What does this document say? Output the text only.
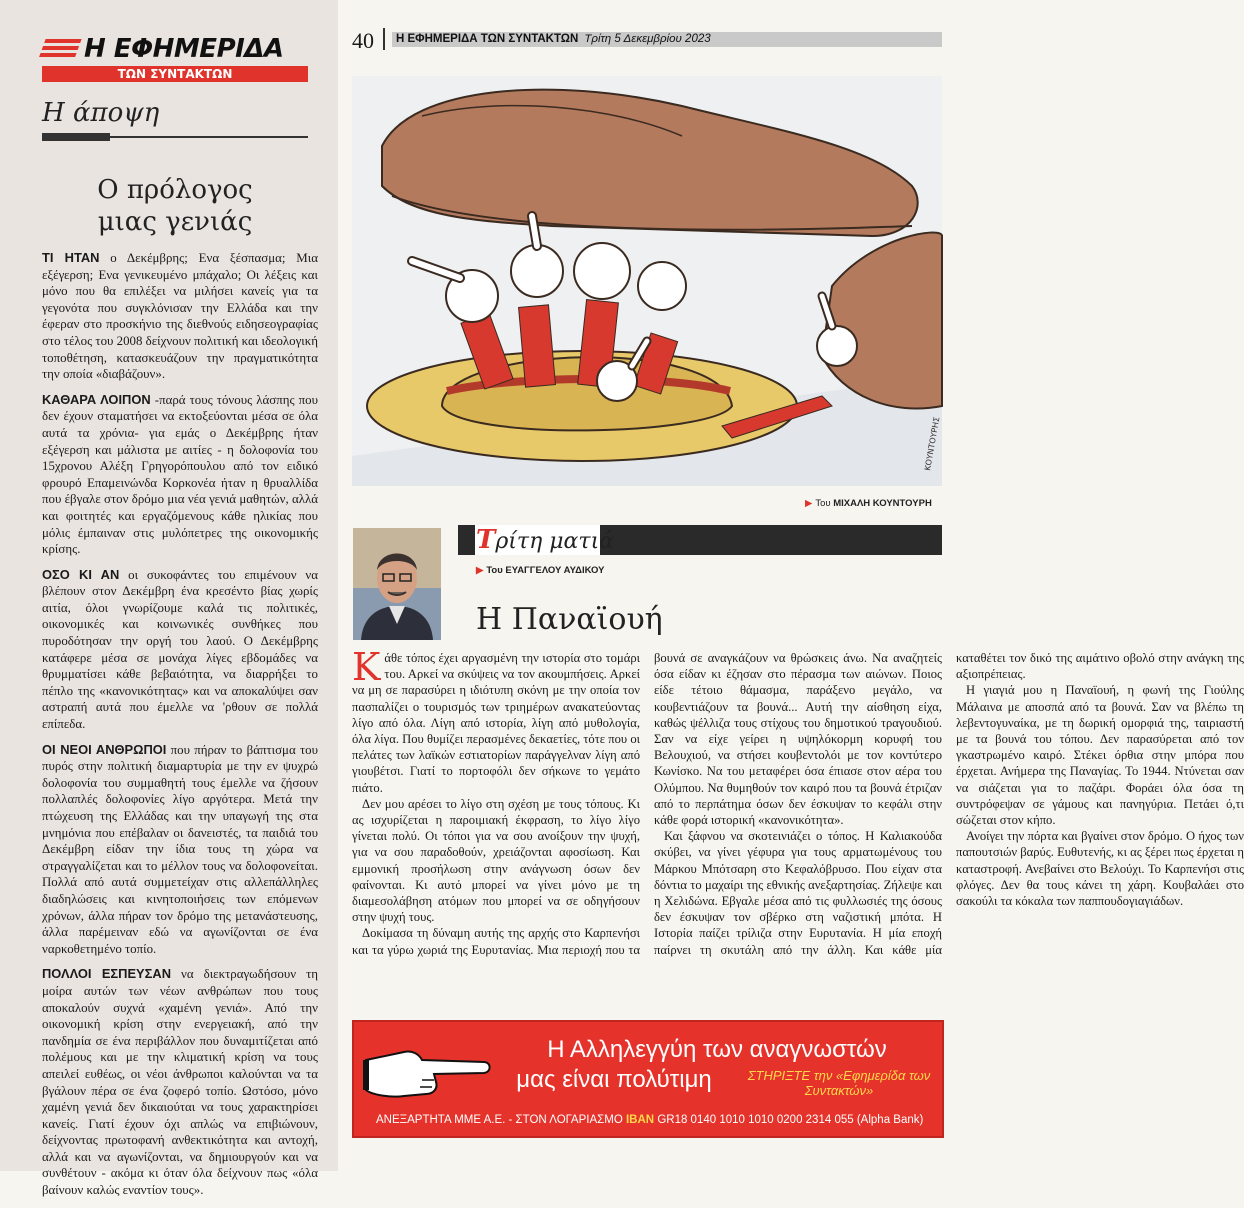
Η ΕΦΗΜΕΡΙΔΑ
ΤΩΝ ΣΥΝΤΑΚΤΩΝ
Η άποψη
Ο πρόλογος
μιας γενιάς

ΤΙ ΗΤΑΝ ο Δεκέμβρης; Ενα ξέσπασμα; Μια εξέγερση; Ενα γενικευμένο μπάχαλο; Οι λέξεις και μόνο που θα επιλέξει να μιλήσει κανείς για τα γεγονότα που συγκλόνισαν την Ελλάδα και την έφεραν στο προσκήνιο της διεθνούς ειδησεογραφίας στο τέλος του 2008 δείχνουν πολιτική και ιδεολογική τοποθέτηση, κατασκευάζουν την πραγματικότητα την οποία «διαβάζουν».

ΚΑΘΑΡΑ ΛΟΙΠΟΝ -παρά τους τόνους λάσπης που δεν έχουν σταματήσει να εκτοξεύονται μέσα σε όλα αυτά τα χρόνια- για εμάς ο Δεκέμβρης ήταν εξέγερση και μάλιστα με αιτίες - η δολοφονία του 15χρονου Αλέξη Γρηγορόπουλου από τον ειδικό φρουρό Επαμεινώνδα Κορκονέα ήταν η θρυαλλίδα που έβγαλε στον δρόμο μια νέα γενιά μαθητών, αλλά και φοιτητές και εργαζόμενους κάθε ηλικίας που μόλις έμπαιναν στις μυλόπετρες της οικονομικής κρίσης.

ΟΣΟ ΚΙ ΑΝ οι συκοφάντες του επιμένουν να βλέπουν στον Δεκέμβρη ένα κρεσέντο βίας χωρίς αιτία, όλοι γνωρίζουμε καλά τις πολιτικές, οικονομικές και κοινωνικές συνθήκες που πυροδότησαν την οργή του λαού. Ο Δεκέμβρης κατάφερε μέσα σε μονάχα λίγες εβδομάδες να θρυμματίσει κάθε βεβαιότητα, να διαρρήξει το πέπλο της «κανονικότητας» και να αποκαλύψει σαν αστραπή αυτά που έμελλε να 'ρθουν σε πολλά επίπεδα.

ΟΙ ΝΕΟΙ ΑΝΘΡΩΠΟΙ που πήραν το βάπτισμα του πυρός στην πολιτική διαμαρτυρία με την εν ψυχρώ δολοφονία του συμμαθητή τους έμελλε να ζήσουν πολλαπλές δολοφονίες λίγο αργότερα. Μετά την πτώχευση της Ελλάδας και την υπαγωγή της στα μνημόνια που επέβαλαν οι δανειστές, τα παιδιά του Δεκέμβρη είδαν την ίδια τους τη χώρα να στραγγαλίζεται και το μέλλον τους να δολοφονείται. Πολλά από αυτά συμμετείχαν στις αλλεπάλληλες διαδηλώσεις και κινητοποιήσεις των επόμενων χρόνων, άλλα πήραν τον δρόμο της μετανάστευσης, άλλα παρέμειναν εδώ να αγωνίζονται σε ένα ναρκοθετημένο τοπίο.

ΠΟΛΛΟΙ ΕΣΠΕΥΣΑΝ να διεκτραγωδήσουν τη μοίρα αυτών των νέων ανθρώπων που τους αποκαλούν συχνά «χαμένη γενιά». Από την οικονομική κρίση στην ενεργειακή, από την πανδημία σε ένα περιβάλλον που δυναμιτίζεται από πολέμους και με την κλιματική κρίση να τους απειλεί ευθέως, οι νέοι άνθρωποι καλούνται να τα βγάλουν πέρα σε ένα ζοφερό τοπίο. Ωστόσο, μόνο χαμένη γενιά δεν δικαιούται να τους χαρακτηρίσει κανείς. Γιατί έχουν όχι απλώς να επιβιώνουν, δείχνοντας πρωτοφανή ανθεκτικότητα και αντοχή, αλλά και να αγωνίζονται, να δημιουργούν και να συνθέτουν - ακόμα κι όταν όλα δείχνουν πως «όλα βαίνουν καλώς εναντίον τους».

40	Η ΕΦΗΜΕΡΙΔΑ ΤΩΝ ΣΥΝΤΑΚΤΩΝ Τρίτη 5 Δεκεμβρίου 2023
ΚΟΥΝΤΟΥΡΗΣ
▶ Του ΜΙΧΑΛΗ ΚΟΥΝΤΟΥΡΗ
Τρίτη ματιά
▶ Του ΕΥΑΓΓΕΛΟΥ ΑΥΔΙΚΟΥ
Η Παναϊουή

Κάθε τόπος έχει αργασμένη την ιστορία στο τομάρι του. Αρκεί να σκύψεις να τον ακουμπήσεις. Αρκεί να μη σε παρασύρει η ιδιότυπη σκόνη με την οποία τον πασπαλίζει ο τουρισμός των τριημέρων ανακατεύοντας λίγο από όλα. Λίγη από ιστορία, λίγη από μυθολογία, όλα λίγα. Που θυμίζει περασμένες δεκαετίες, τότε που οι πελάτες των λαϊκών εστιατορίων παράγγελναν λίγη από γιουβέτσι. Γιατί το πορτοφόλι δεν σήκωνε το γεμάτο πιάτο.

Δεν μου αρέσει το λίγο στη σχέση με τους τόπους. Κι ας ισχυρίζεται η παροιμιακή έκφραση, το λίγο λίγο γίνεται πολύ. Οι τόποι για να σου ανοίξουν την ψυχή, για να σου παραδοθούν, χρειάζονται αφοσίωση. Και εμμονική προσήλωση στην ανάγνωση όσων δεν φαίνονται. Κι αυτό μπορεί να γίνει μόνο με τη διαμεσολάβηση ατόμων που μπορεί να σε οδηγήσουν στην ψυχή τους.

Δοκίμασα τη δύναμη αυτής της αρχής στο Καρπενήσι και τα γύρω χωριά της Ευρυτανίας. Μια περιοχή που τα βουνά σε αναγκάζουν να θρώσκεις άνω. Να αναζητείς όσα είδαν κι έζησαν στο πέρασμα των αιώνων. Ποιος είδε τέτοιο θάμασμα, παράξενο μεγάλο, να κουβεντιάζουν τα βουνά... Αυτή την αίσθηση είχα, καθώς ψέλλιζα τους στίχους του δημοτικού τραγουδιού. Σαν να είχε γείρει η υψηλόκορμη κορυφή του Βελουχιού, να στήσει κουβεντολόι με τον κοντύτερο Κωνίσκο. Να του μεταφέρει όσα έπιασε στον αέρα του Ολύμπου. Να θυμηθούν τον καιρό που τα βουνά έτριζαν από το περπάτημα όσων δεν έσκυψαν το κεφάλι στην κάθε φορά ιστορική «κανονικότητα».

Και ξάφνου να σκοτεινιάζει ο τόπος. Η Καλιακούδα σκύβει, να γίνει γέφυρα για τους αρματωμένους του Μάρκου Μπότσαρη στο Κεφαλόβρυσο. Που είχαν στα δόντια το μαχαίρι της εθνικής ανεξαρτησίας. Ζήλεψε και η Χελιδώνα. Εβγαλε μέσα από τις φυλλωσιές της όσους δεν έσκυψαν τον σβέρκο στη ναζιστική μπότα. Η Ιστορία παίζει τρίλιζα στην Ευρυτανία. Η μία εποχή παίρνει τη σκυτάλη από την άλλη. Και κάθε μία καταθέτει τον δικό της αιμάτινο οβολό στην ανάγκη της αξιοπρέπειας.

Η γιαγιά μου η Παναϊουή, η φωνή της Γιούλης Μάλαινα με αποσπά από τα βουνά. Σαν να βλέπω τη λεβεντογυναίκα, με τη δωρική ομορφιά της, ταιριαστή με τα βουνά του τόπου. Δεν παρασύρεται από τον γκαστρωμένο καιρό. Στέκει όρθια στην μπόρα που έρχεται. Ανήμερα της Παναγίας. Το 1944. Ντύνεται σαν να σιάζεται για το παζάρι. Φοράει όλα όσα τη συντρόφεψαν σε γάμους και πανηγύρια. Πετάει ό,τι σώζεται στον κήπο.

Ανοίγει την πόρτα και βγαίνει στον δρόμο. Ο ήχος των παπουτσιών βαρύς. Ευθυτενής, κι ας ξέρει πως έρχεται η καταστροφή. Ανεβαίνει στο Βελούχι. Το Καρπενήσι στις φλόγες. Δεν θα τους κάνει τη χάρη. Κουβαλάει στο σακούλι τα κόκαλα των παππουδογιαγιάδων.

Η Αλληλεγγύη των αναγνωστών
μας είναι πολύτιμη	ΣΤΗΡΙΞΤΕ την «Εφημερίδα των Συντακτών»
ΑΝΕΞΑΡΤΗΤΑ ΜΜΕ Α.Ε. - ΣΤΟΝ ΛΟΓΑΡΙΑΣΜΟ IBAN GR18 0140 1010 1010 0200 2314 055 (Alpha Bank)
